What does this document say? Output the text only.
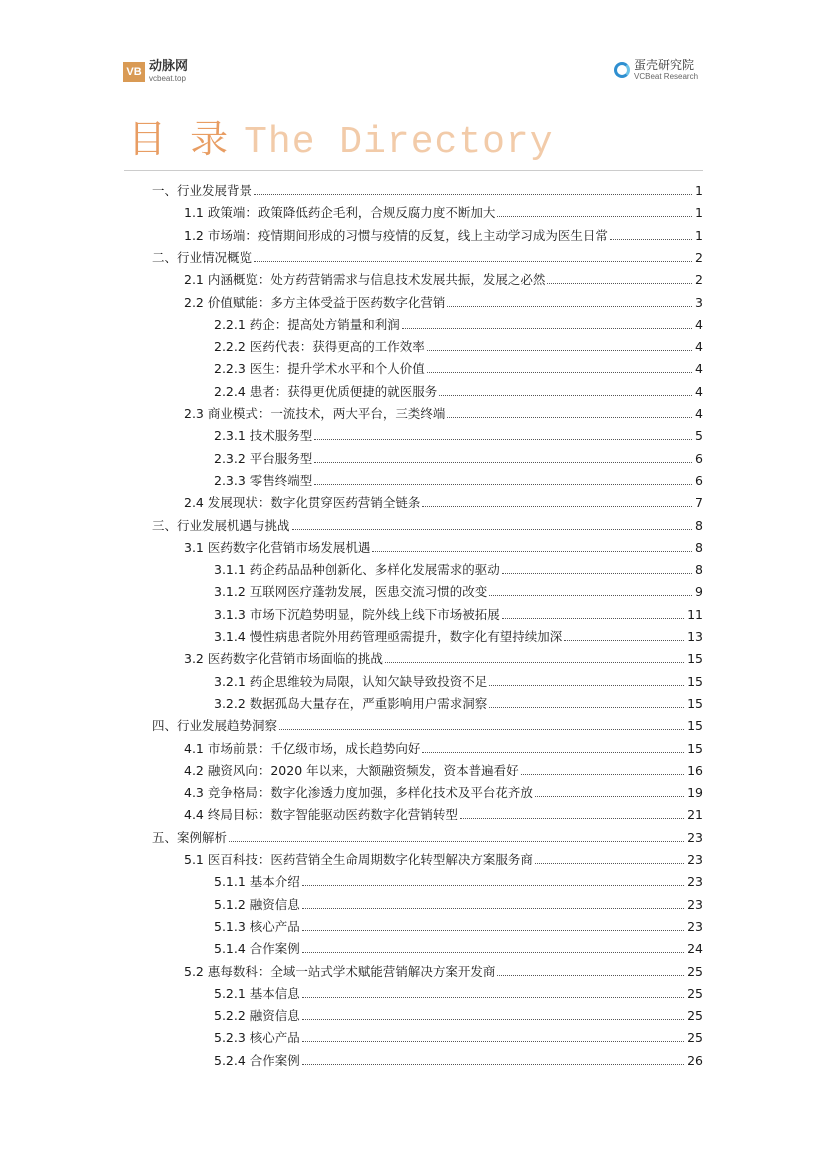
VB 动脉网
vcbeat.top
蛋壳研究院
VCBeat Research
目 录 The Directory
一、行业发展背景	1
1.1 政策端：政策降低药企毛利，合规反腐力度不断加大	1
1.2 市场端：疫情期间形成的习惯与疫情的反复，线上主动学习成为医生日常	1
二、行业情况概览	2
2.1 内涵概览：处方药营销需求与信息技术发展共振，发展之必然	2
2.2 价值赋能：多方主体受益于医药数字化营销	3
2.2.1 药企：提高处方销量和利润	4
2.2.2 医药代表：获得更高的工作效率	4
2.2.3 医生：提升学术水平和个人价值	4
2.2.4 患者：获得更优质便捷的就医服务	4
2.3 商业模式：一流技术，两大平台，三类终端	4
2.3.1 技术服务型	5
2.3.2 平台服务型	6
2.3.3 零售终端型	6
2.4 发展现状：数字化贯穿医药营销全链条	7
三、行业发展机遇与挑战	8
3.1 医药数字化营销市场发展机遇	8
3.1.1 药企药品品种创新化、多样化发展需求的驱动	8
3.1.2 互联网医疗蓬勃发展，医患交流习惯的改变	9
3.1.3 市场下沉趋势明显，院外线上线下市场被拓展	11
3.1.4 慢性病患者院外用药管理亟需提升，数字化有望持续加深	13
3.2 医药数字化营销市场面临的挑战	15
3.2.1 药企思维较为局限，认知欠缺导致投资不足	15
3.2.2 数据孤岛大量存在，严重影响用户需求洞察	15
四、行业发展趋势洞察	15
4.1 市场前景：千亿级市场，成长趋势向好	15
4.2 融资风向：2020 年以来，大额融资频发，资本普遍看好	16
4.3 竞争格局：数字化渗透力度加强，多样化技术及平台花齐放	19
4.4 终局目标：数字智能驱动医药数字化营销转型	21
五、案例解析	23
5.1 医百科技：医药营销全生命周期数字化转型解决方案服务商	23
5.1.1 基本介绍	23
5.1.2 融资信息	23
5.1.3 核心产品	23
5.1.4 合作案例	24
5.2 惠每数科：全域一站式学术赋能营销解决方案开发商	25
5.2.1 基本信息	25
5.2.2 融资信息	25
5.2.3 核心产品	25
5.2.4 合作案例	26
